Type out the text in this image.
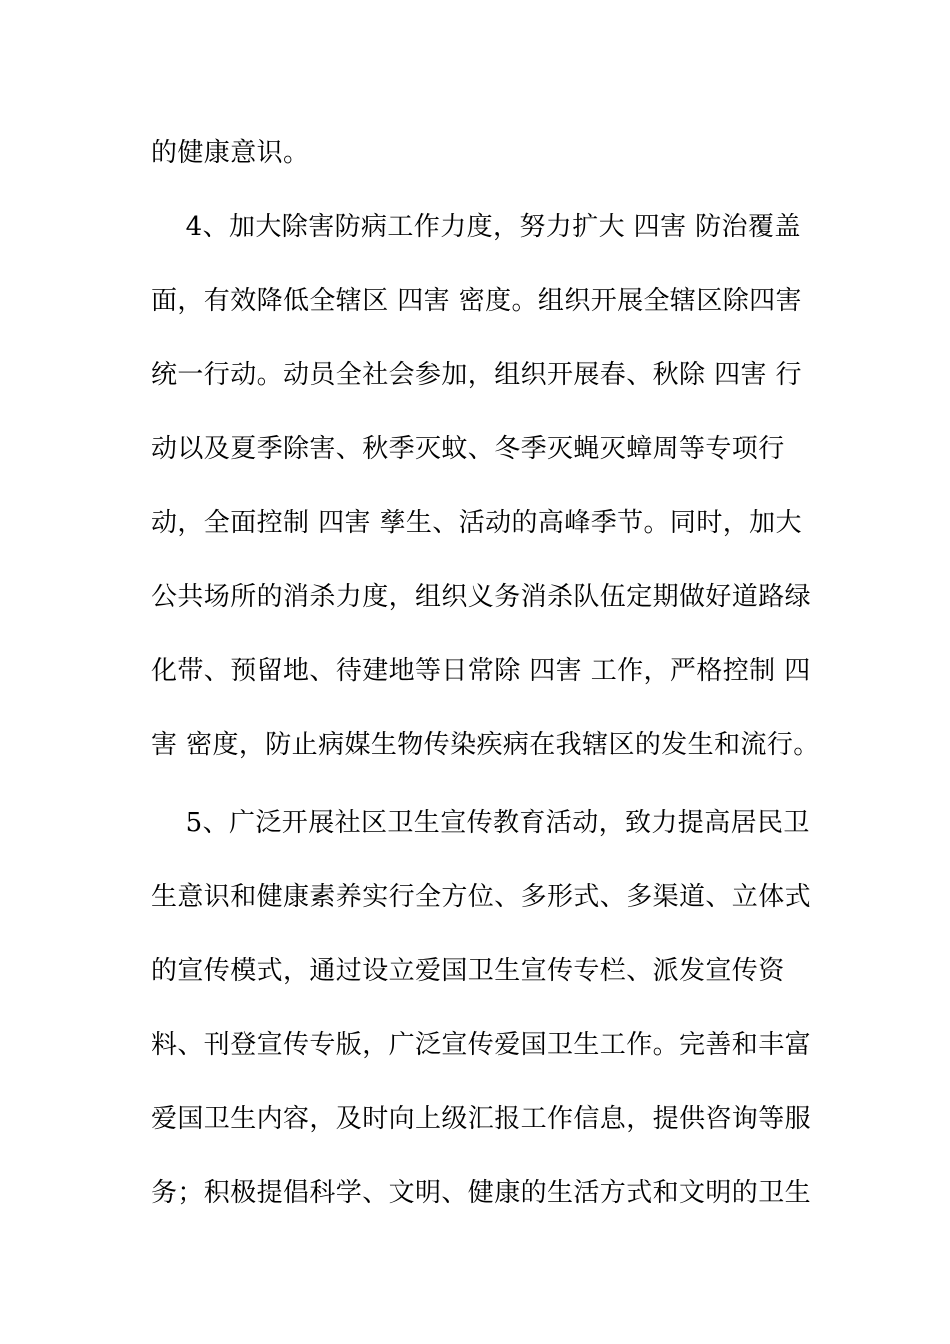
的健康意识。
4、加大除害防病工作力度，努力扩大 四害 防治覆盖
面，有效降低全辖区 四害 密度。组织开展全辖区除四害
统一行动。动员全社会参加，组织开展春、秋除 四害 行
动以及夏季除害、秋季灭蚊、冬季灭蝇灭蟑周等专项行
动，全面控制 四害 孳生、活动的高峰季节。同时，加大
公共场所的消杀力度，组织义务消杀队伍定期做好道路绿
化带、预留地、待建地等日常除 四害 工作，严格控制 四
害 密度，防止病媒生物传染疾病在我辖区的发生和流行。
5、广泛开展社区卫生宣传教育活动，致力提高居民卫
生意识和健康素养实行全方位、多形式、多渠道、立体式
的宣传模式，通过设立爱国卫生宣传专栏、派发宣传资
料、刊登宣传专版，广泛宣传爱国卫生工作。完善和丰富
爱国卫生内容，及时向上级汇报工作信息，提供咨询等服
务；积极提倡科学、文明、健康的生活方式和文明的卫生
